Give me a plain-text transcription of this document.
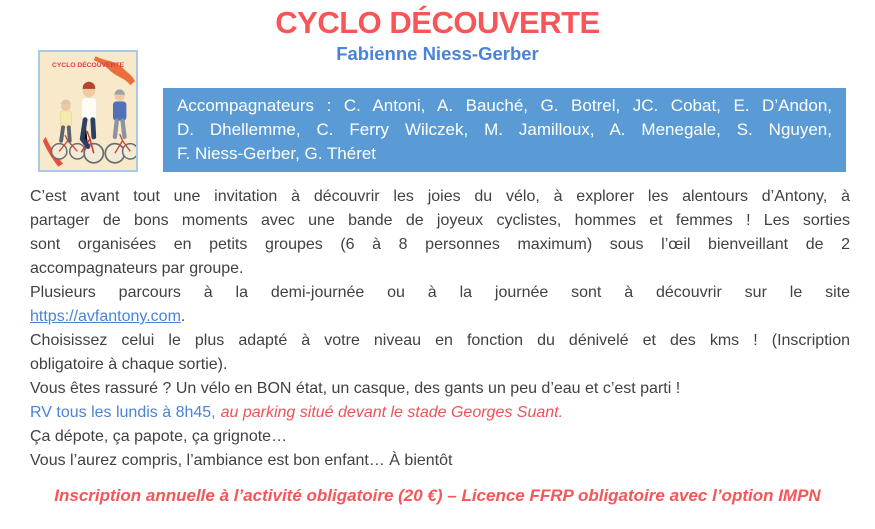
CYCLO DÉCOUVERTE
Fabienne Niess-Gerber
CYCLO DÉCOUVERTE
Accompagnateurs : C. Antoni, A. Bauché, G. Botrel, JC. Cobat, E. D’Andon,
D. Dhellemme, C. Ferry Wilczek, M. Jamilloux, A. Menegale, S. Nguyen,
F. Niess-Gerber, G. Théret
C’est avant tout une invitation à découvrir les joies du vélo, à explorer les alentours d’Antony, à
partager de bons moments avec une bande de joyeux cyclistes, hommes et femmes ! Les sorties
sont organisées en petits groupes (6 à 8 personnes maximum) sous l’œil bienveillant de 2
accompagnateurs par groupe.
Plusieurs parcours à la demi-journée ou à la journée sont à découvrir sur le site
https://avfantony.com.
Choisissez celui le plus adapté à votre niveau en fonction du dénivelé et des kms ! (Inscription
obligatoire à chaque sortie).
Vous êtes rassuré ? Un vélo en BON état, un casque, des gants un peu d’eau et c’est parti !
RV tous les lundis à 8h45, au parking situé devant le stade Georges Suant.
Ça dépote, ça papote, ça grignote…
Vous l’aurez compris, l’ambiance est bon enfant… À bientôt
Inscription annuelle à l’activité obligatoire (20 €) – Licence FFRP obligatoire avec l’option IMPN
